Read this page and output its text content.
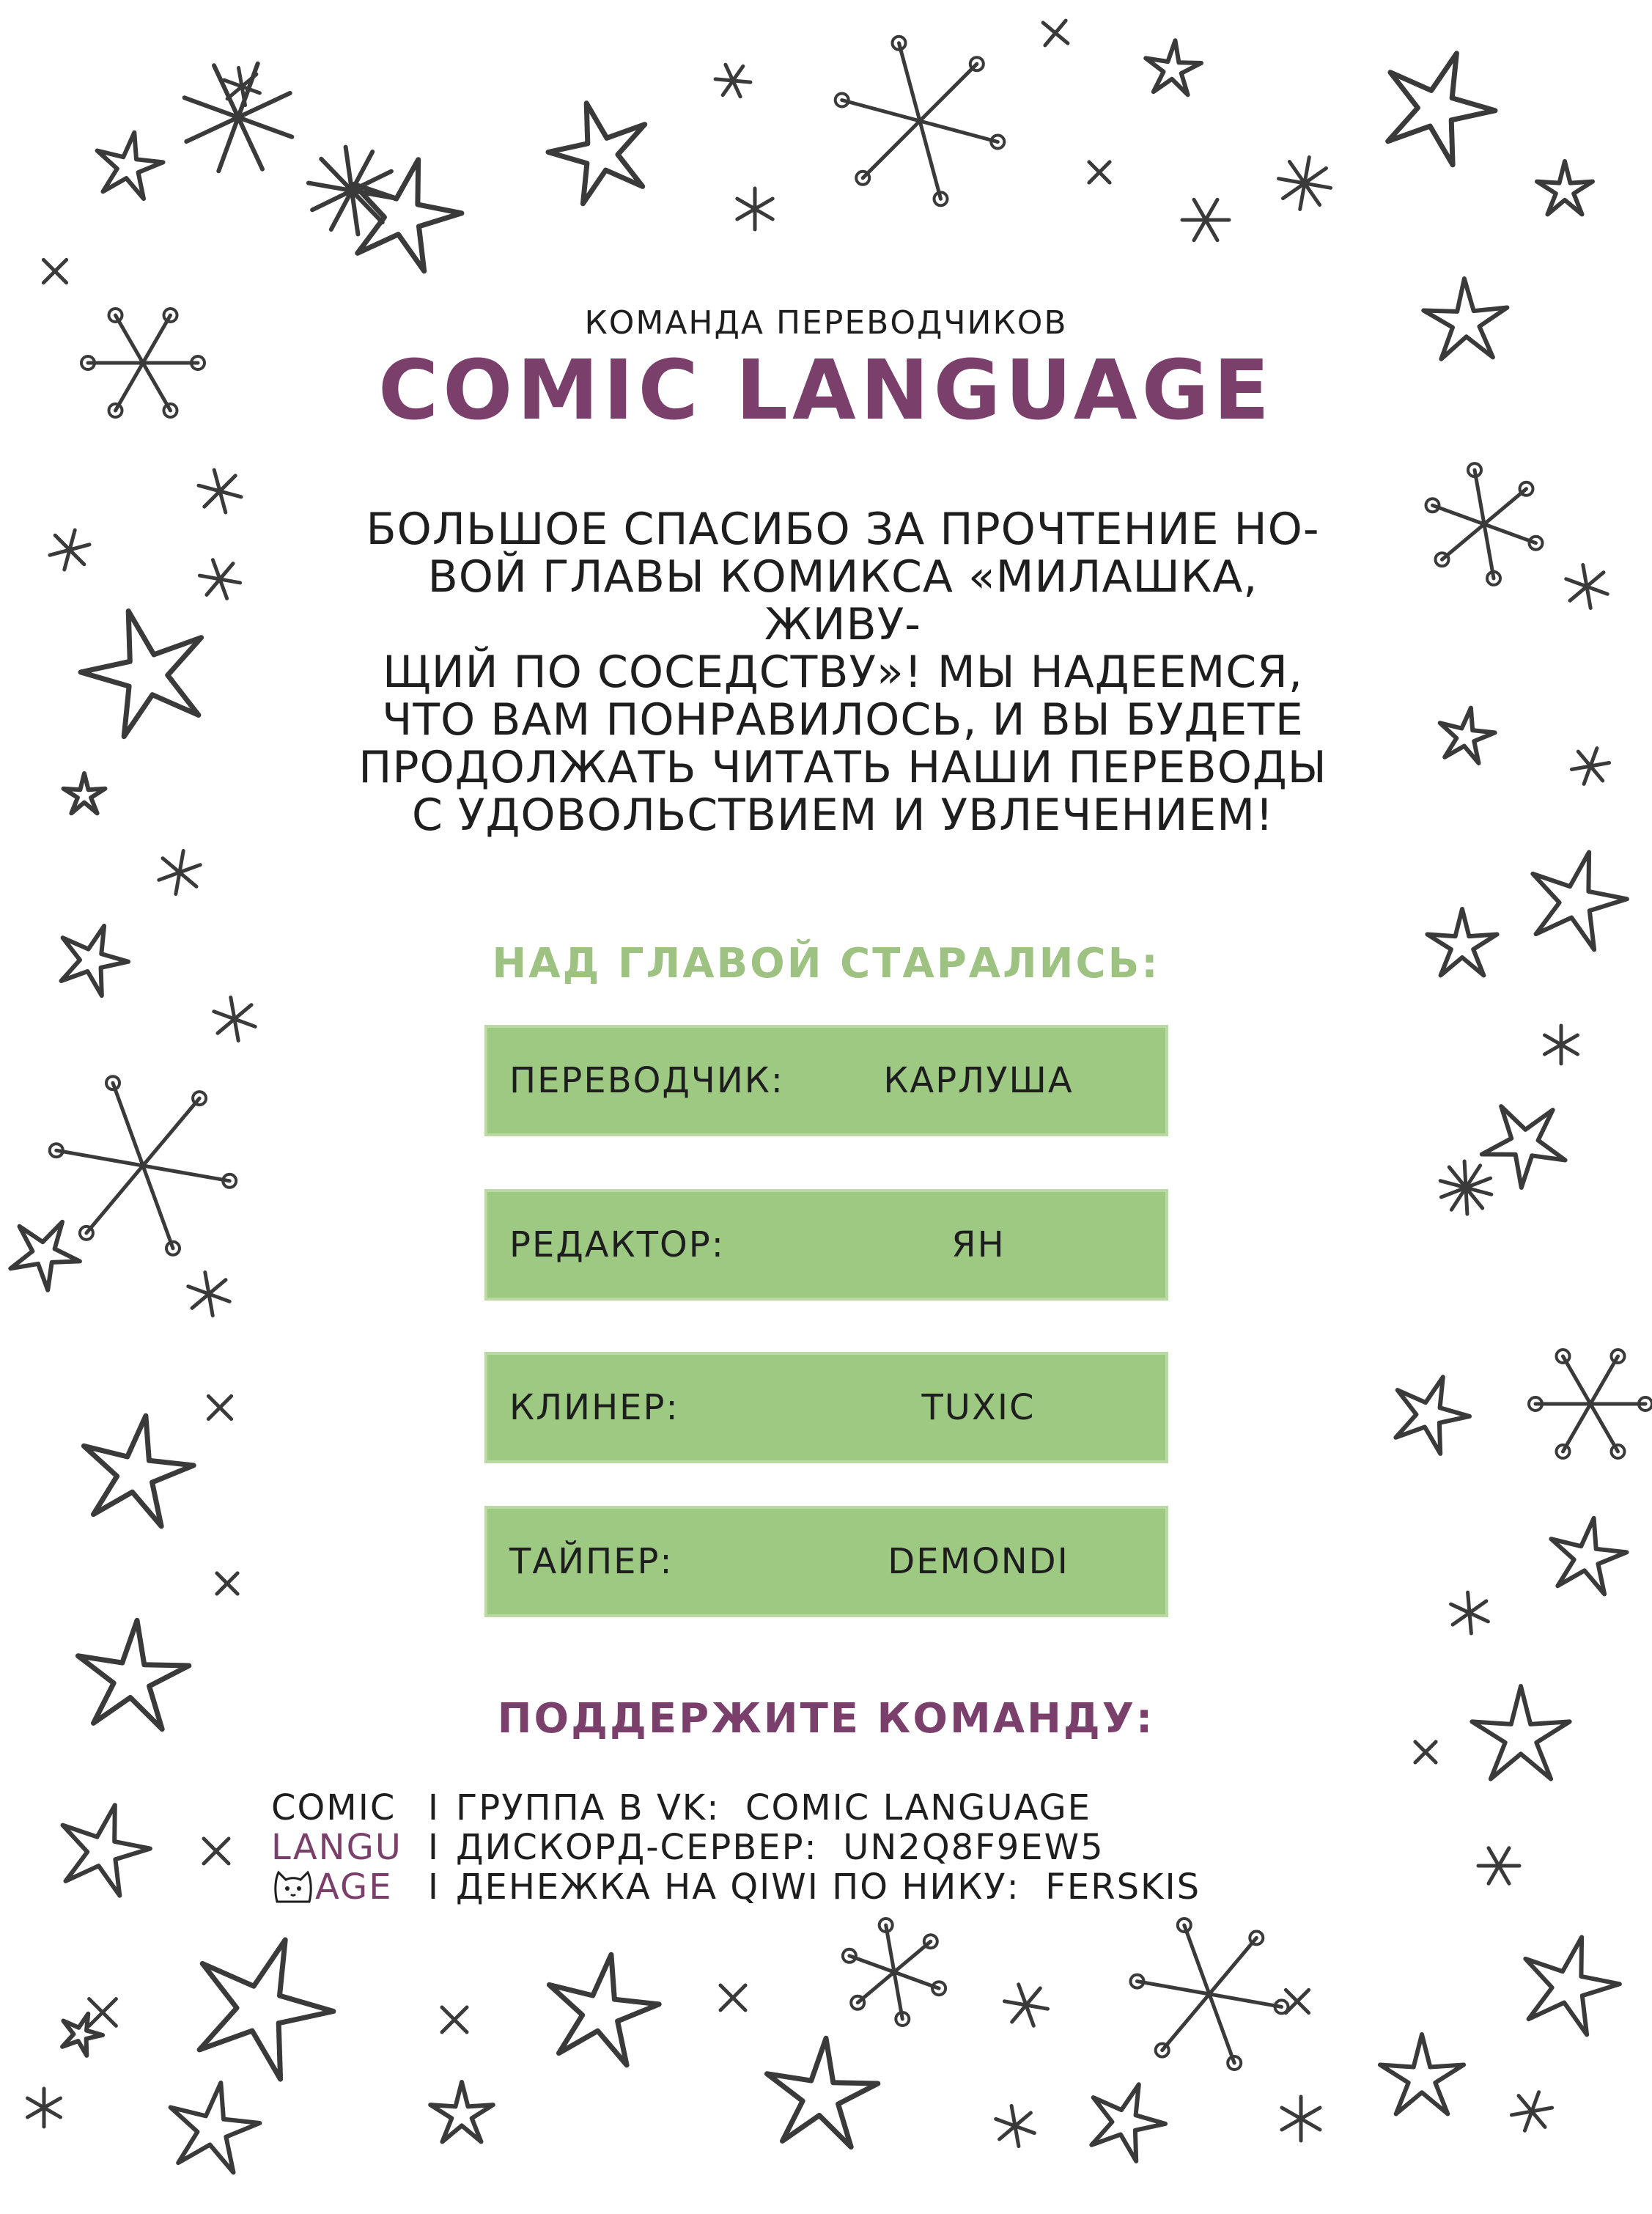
КОМАНДА ПЕРЕВОДЧИКОВ
COMIC LANGUAGE
БОЛЬШОЕ СПАСИБО ЗА ПРОЧТЕНИЕ НО-
ВОЙ ГЛАВЫ КОМИКСА «МИЛАШКА, ЖИВУ-
ЩИЙ ПО СОСЕДСТВУ»! МЫ НАДЕЕМСЯ,
ЧТО ВАМ ПОНРАВИЛОСЬ, И ВЫ БУДЕТЕ
ПРОДОЛЖАТЬ ЧИТАТЬ НАШИ ПЕРЕВОДЫ
С УДОВОЛЬСТВИЕМ И УВЛЕЧЕНИЕМ!
НАД ГЛАВОЙ СТАРАЛИСЬ:
ПЕРЕВОДЧИК:	КАРЛУША
РЕДАКТОР:	ЯН
КЛИНЕР:	TUXIC
ТАЙПЕР:	DEMONDI
ПОДДЕРЖИТЕ КОМАНДУ:
COMIC I ГРУППА В VK: COMIC LANGUAGE
LANGU I ДИСКОРД-СЕРВЕР: UN2Q8F9EW5
AGE I ДЕНЕЖКА НА QIWI ПО НИКУ: FERSKIS
